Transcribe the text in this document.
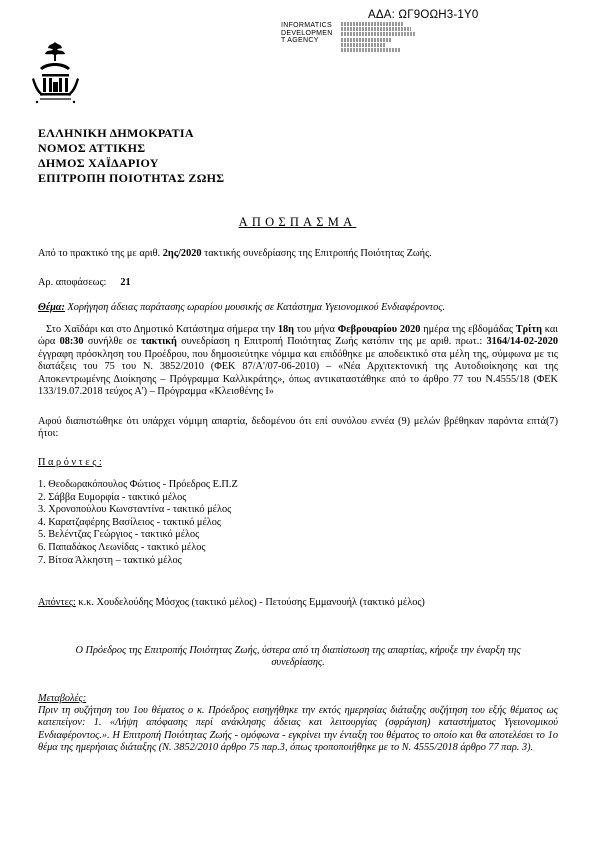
ΑΔΑ: ΩΓ9ΟΩΗ3-1Υ0
INFORMATICS
DEVELOPMEN
T AGENCY
ΕΛΛΗΝΙΚΗ ΔΗΜΟΚΡΑΤΙΑ
ΝΟΜΟΣ ΑΤΤΙΚΗΣ
ΔΗΜΟΣ ΧΑΪΔΑΡΙΟΥ
ΕΠΙΤΡΟΠΗ ΠΟΙΟΤΗΤΑΣ ΖΩΗΣ
ΑΠΟΣΠΑΣΜΑ
Από το πρακτικό της με αριθ. 2ης/2020 τακτικής συνεδρίασης της Επιτροπής Ποιότητας Ζωής.
Αρ. αποφάσεως: 21
Θέμα: Χορήγηση άδειας παράτασης ωραρίου μουσικής σε Κατάστημα Υγειονομικού Ενδιαφέροντος.
Στο Χαϊδάρι και στο Δημοτικό Κατάστημα σήμερα την 18η του μήνα Φεβρουαρίου 2020 ημέρα της εβδομάδας Τρίτη και ώρα 08:30 συνήλθε σε τακτική συνεδρίαση η Επιτροπή Ποιότητας Ζωής κατόπιν της με αριθ. πρωτ.: 3164/14-02-2020 έγγραφη πρόσκληση του Προέδρου, που δημοσιεύτηκε νόμιμα και επιδόθηκε με αποδεικτικό στα μέλη της, σύμφωνα με τις διατάξεις του 75 του Ν. 3852/2010 (ΦΕΚ 87/Α'/07-06-2010) – «Νέα Αρχιτεκτονική της Αυτοδιοίκησης και της Αποκεντρωμένης Διοίκησης – Πρόγραμμα Καλλικράτης», όπως αντικαταστάθηκε από το άρθρο 77 του Ν.4555/18 (ΦΕΚ 133/19.07.2018 τεύχος Α') – Πρόγραμμα «Κλεισθένης Ι»
Αφού διαπιστώθηκε ότι υπάρχει νόμιμη απαρτία, δεδομένου ότι επί συνόλου εννέα (9) μελών βρέθηκαν παρόντα επτά(7) ήτοι:
Π α ρ ό ν τ ε ς :
1. Θεοδωρακόπουλος Φώτιος - Πρόεδρος Ε.Π.Ζ
2. Σάββα Ευμορφία - τακτικό μέλος
3. Χρονοπούλου Κωνσταντίνα - τακτικό μέλος
4. Καρατζαφέρης Βασίλειος - τακτικό μέλος
5. Βελέντζας Γεώργιος - τακτικό μέλος
6. Παπαδάκος Λεωνίδας - τακτικό μέλος
7. Βίτσα Άλκηστη – τακτικό μέλος
Απόντες: κ.κ. Χουδελούδης Μόσχος (τακτικό μέλος) - Πετούσης Εμμανουήλ (τακτικό μέλος)
Ο Πρόεδρος της Επιτροπής Ποιότητας Ζωής, ύστερα από τη διαπίστωση της απαρτίας, κήρυξε την έναρξη της συνεδρίασης.
Μεταβολές:
Πριν τη συζήτηση του 1ου θέματος ο κ. Πρόεδρος εισηγήθηκε την εκτός ημερησίας διάταξης συζήτηση του εξής θέματος ως κατεπείγον: 1. «Λήψη απόφασης περί ανάκλησης άδειας και λειτουργίας (σφράγιση) καταστήματος Υγειονομικού Ενδιαφέροντος.». Η Επιτροπή Ποιότητας Ζωής - ομόφωνα - εγκρίνει την ένταξη του θέματος το οποίο και θα αποτελέσει το 1ο θέμα της ημερήσιας διάταξης (Ν. 3852/2010 άρθρο 75 παρ.3, όπως τροποποιήθηκε με το Ν. 4555/2018 άρθρο 77 παρ. 3).
